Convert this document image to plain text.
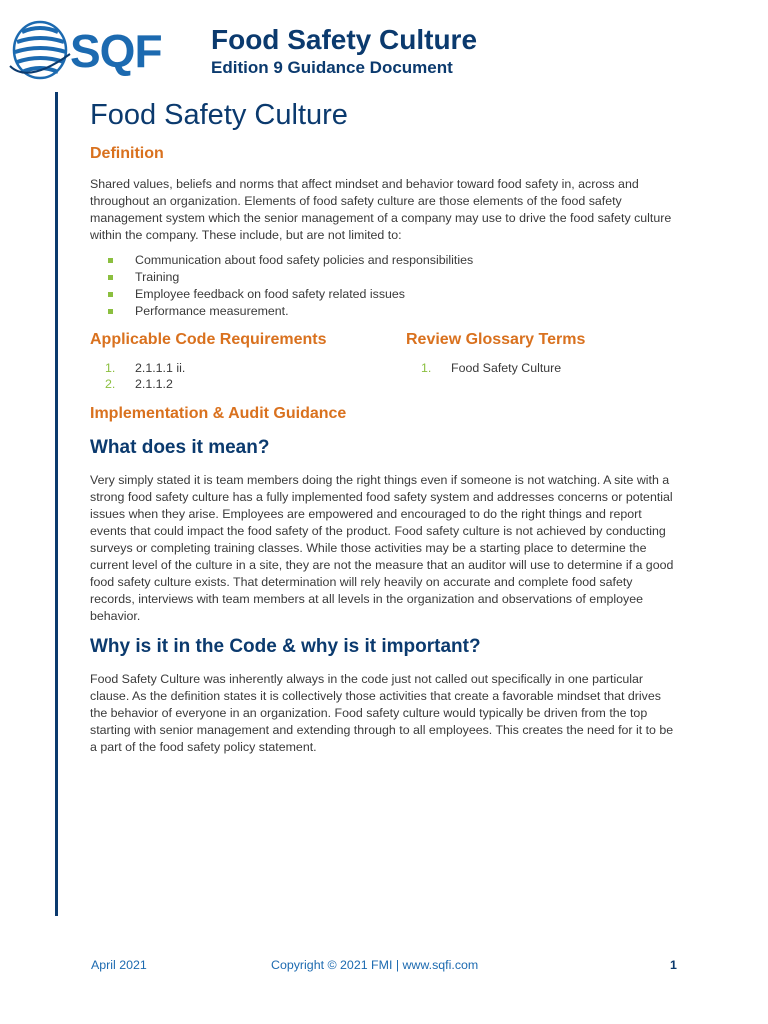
SQF Food Safety Culture
Edition 9 Guidance Document
Food Safety Culture
Definition

Shared values, beliefs and norms that affect mindset and behavior toward food safety in, across and throughout an organization. Elements of food safety culture are those elements of the food safety management system which the senior management of a company may use to drive the food safety culture within the company. These include, but are not limited to:

Communication about food safety policies and responsibilities
Training
Employee feedback on food safety related issues
Performance measurement.
Applicable Code Requirements
1.	2.1.1.1 ii.
2.	2.1.1.2
Review Glossary Terms
1.	Food Safety Culture
Implementation & Audit Guidance
What does it mean?

Very simply stated it is team members doing the right things even if someone is not watching. A site with a strong food safety culture has a fully implemented food safety system and addresses concerns or potential issues when they arise. Employees are empowered and encouraged to do the right things and report events that could impact the food safety of the product. Food safety culture is not achieved by conducting surveys or completing training classes. While those activities may be a starting place to determine the current level of the culture in a site, they are not the measure that an auditor will use to determine if a good food safety culture exists. That determination will rely heavily on accurate and complete food safety records, interviews with team members at all levels in the organization and observations of employee behavior.

Why is it in the Code & why is it important?

Food Safety Culture was inherently always in the code just not called out specifically in one particular clause. As the definition states it is collectively those activities that create a favorable mindset that drives the behavior of everyone in an organization. Food safety culture would typically be driven from the top starting with senior management and extending through to all employees. This creates the need for it to be a part of the food safety policy statement.

April 2021	Copyright © 2021 FMI | www.sqfi.com	1
